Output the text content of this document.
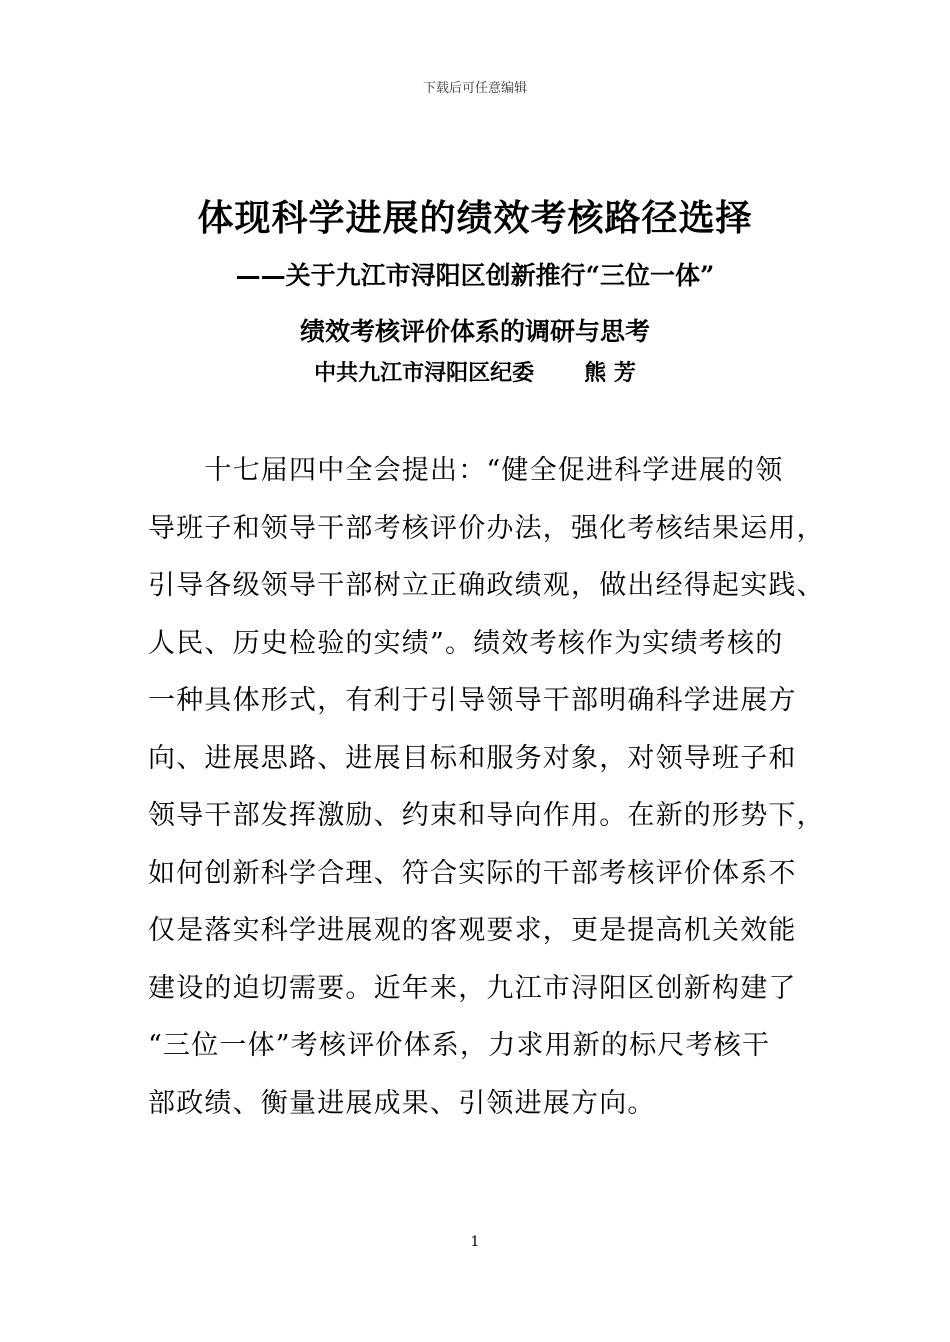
下载后可任意编辑
体现科学进展的绩效考核路径选择
——关于九江市浔阳区创新推行“三位一体”
绩效考核评价体系的调研与思考
中共九江市浔阳区纪委 熊 芳
　　十七届四中全会提出：“健全促进科学进展的领
导班子和领导干部考核评价办法，强化考核结果运用，
引导各级领导干部树立正确政绩观，做出经得起实践、
人民、历史检验的实绩”。绩效考核作为实绩考核的
一种具体形式，有利于引导领导干部明确科学进展方
向、进展思路、进展目标和服务对象，对领导班子和
领导干部发挥激励、约束和导向作用。在新的形势下，
如何创新科学合理、符合实际的干部考核评价体系不
仅是落实科学进展观的客观要求，更是提高机关效能
建设的迫切需要。近年来，九江市浔阳区创新构建了
“三位一体”考核评价体系，力求用新的标尺考核干
部政绩、衡量进展成果、引领进展方向。
1
